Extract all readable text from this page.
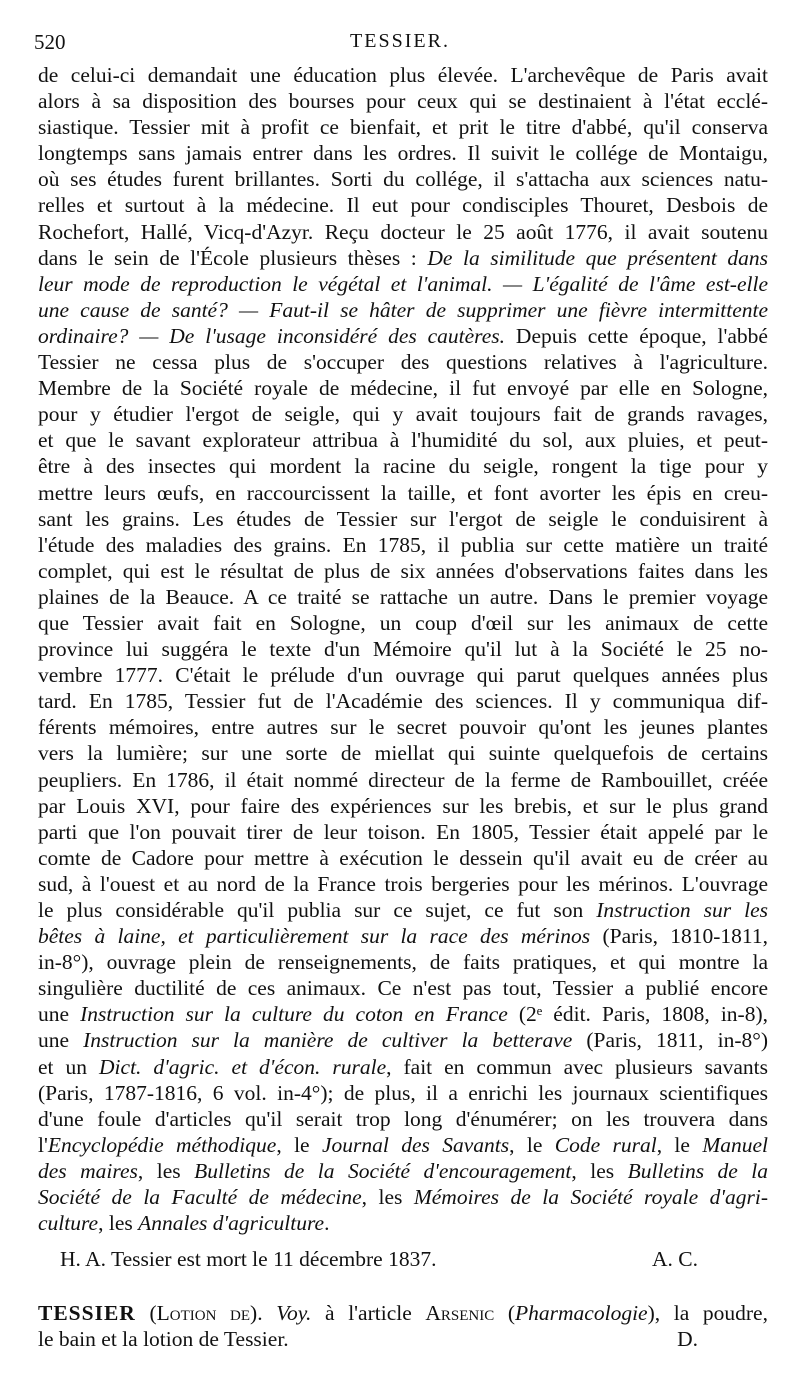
520	TESSIER.
de celui-ci demandait une éducation plus élevée. L'archevêque de Paris avait
alors à sa disposition des bourses pour ceux qui se destinaient à l'état ecclé-
siastique. Tessier mit à profit ce bienfait, et prit le titre d'abbé, qu'il conserva
longtemps sans jamais entrer dans les ordres. Il suivit le collége de Montaigu,
où ses études furent brillantes. Sorti du collége, il s'attacha aux sciences natu-
relles et surtout à la médecine. Il eut pour condisciples Thouret, Desbois de
Rochefort, Hallé, Vicq-d'Azyr. Reçu docteur le 25 août 1776, il avait soutenu
dans le sein de l'École plusieurs thèses : De la similitude que présentent dans
leur mode de reproduction le végétal et l'animal. — L'égalité de l'âme est-elle
une cause de santé? — Faut-il se hâter de supprimer une fièvre intermittente
ordinaire? — De l'usage inconsidéré des cautères. Depuis cette époque, l'abbé
Tessier ne cessa plus de s'occuper des questions relatives à l'agriculture.
Membre de la Société royale de médecine, il fut envoyé par elle en Sologne,
pour y étudier l'ergot de seigle, qui y avait toujours fait de grands ravages,
et que le savant explorateur attribua à l'humidité du sol, aux pluies, et peut-
être à des insectes qui mordent la racine du seigle, rongent la tige pour y
mettre leurs œufs, en raccourcissent la taille, et font avorter les épis en creu-
sant les grains. Les études de Tessier sur l'ergot de seigle le conduisirent à
l'étude des maladies des grains. En 1785, il publia sur cette matière un traité
complet, qui est le résultat de plus de six années d'observations faites dans les
plaines de la Beauce. A ce traité se rattache un autre. Dans le premier voyage
que Tessier avait fait en Sologne, un coup d'œil sur les animaux de cette
province lui suggéra le texte d'un Mémoire qu'il lut à la Société le 25 no-
vembre 1777. C'était le prélude d'un ouvrage qui parut quelques années plus
tard. En 1785, Tessier fut de l'Académie des sciences. Il y communiqua dif-
férents mémoires, entre autres sur le secret pouvoir qu'ont les jeunes plantes
vers la lumière; sur une sorte de miellat qui suinte quelquefois de certains
peupliers. En 1786, il était nommé directeur de la ferme de Rambouillet, créée
par Louis XVI, pour faire des expériences sur les brebis, et sur le plus grand
parti que l'on pouvait tirer de leur toison. En 1805, Tessier était appelé par le
comte de Cadore pour mettre à exécution le dessein qu'il avait eu de créer au
sud, à l'ouest et au nord de la France trois bergeries pour les mérinos. L'ouvrage
le plus considérable qu'il publia sur ce sujet, ce fut son Instruction sur les
bêtes à laine, et particulièrement sur la race des mérinos (Paris, 1810-1811,
in-8°), ouvrage plein de renseignements, de faits pratiques, et qui montre la
singulière ductilité de ces animaux. Ce n'est pas tout, Tessier a publié encore
une Instruction sur la culture du coton en France (2ᵉ édit. Paris, 1808, in-8),
une Instruction sur la manière de cultiver la betterave (Paris, 1811, in-8°)
et un Dict. d'agric. et d'écon. rurale, fait en commun avec plusieurs savants
(Paris, 1787-1816, 6 vol. in-4°); de plus, il a enrichi les journaux scientifiques
d'une foule d'articles qu'il serait trop long d'énumérer; on les trouvera dans
l'Encyclopédie méthodique, le Journal des Savants, le Code rural, le Manuel
des maires, les Bulletins de la Société d'encouragement, les Bulletins de la
Société de la Faculté de médecine, les Mémoires de la Société royale d'agri-
culture, les Annales d'agriculture.
H. A. Tessier est mort le 11 décembre 1837.	A. C.
TESSIER (Lotion de). Voy. à l'article Arsenic (Pharmacologie), la poudre,
le bain et la lotion de Tessier.	D.
